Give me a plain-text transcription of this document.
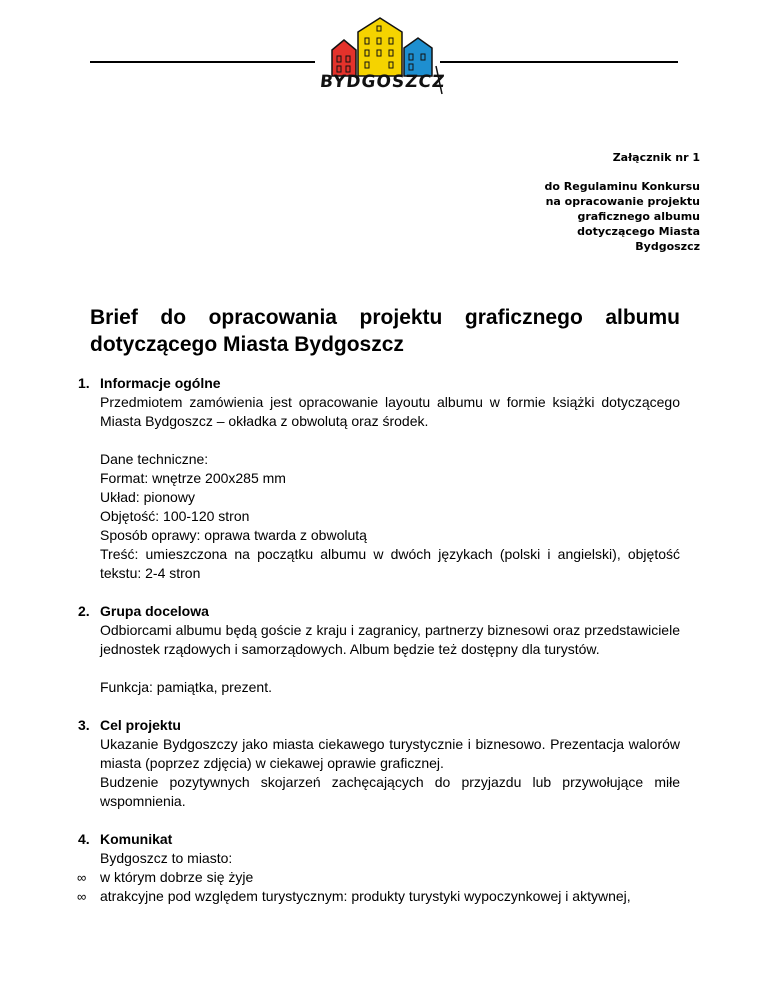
BYDGOSZCZ
Załącznik nr 1
do Regulaminu Konkursu
na opracowanie projektu
graficznego albumu
dotyczącego Miasta
Bydgoszcz
Brief do opracowania projektu graficznego albumu dotyczącego Miasta Bydgoszcz
1. Informacje ogólne

Przedmiotem zamówienia jest opracowanie layoutu albumu w formie książki dotyczącego Miasta Bydgoszcz – okładka z obwolutą oraz środek.

Dane techniczne:

Format: wnętrze 200x285 mm

Układ: pionowy

Objętość: 100-120 stron

Sposób oprawy: oprawa twarda z obwolutą

Treść: umieszczona na początku albumu w dwóch językach (polski i angielski), objętość tekstu: 2-4 stron

2. Grupa docelowa

Odbiorcami albumu będą goście z kraju i zagranicy, partnerzy biznesowi oraz przedstawiciele jednostek rządowych i samorządowych. Album będzie też dostępny dla turystów.

Funkcja: pamiątka, prezent.

3. Cel projektu

Ukazanie Bydgoszczy jako miasta ciekawego turystycznie i biznesowo. Prezentacja walorów miasta (poprzez zdjęcia) w ciekawej oprawie graficznej.

Budzenie pozytywnych skojarzeń zachęcających do przyjazdu lub przywołujące miłe wspomnienia.

4. Komunikat

Bydgoszcz to miasto:

∞ w którym dobrze się żyje
∞ atrakcyjne pod względem turystycznym: produkty turystyki wypoczynkowej i aktywnej,
